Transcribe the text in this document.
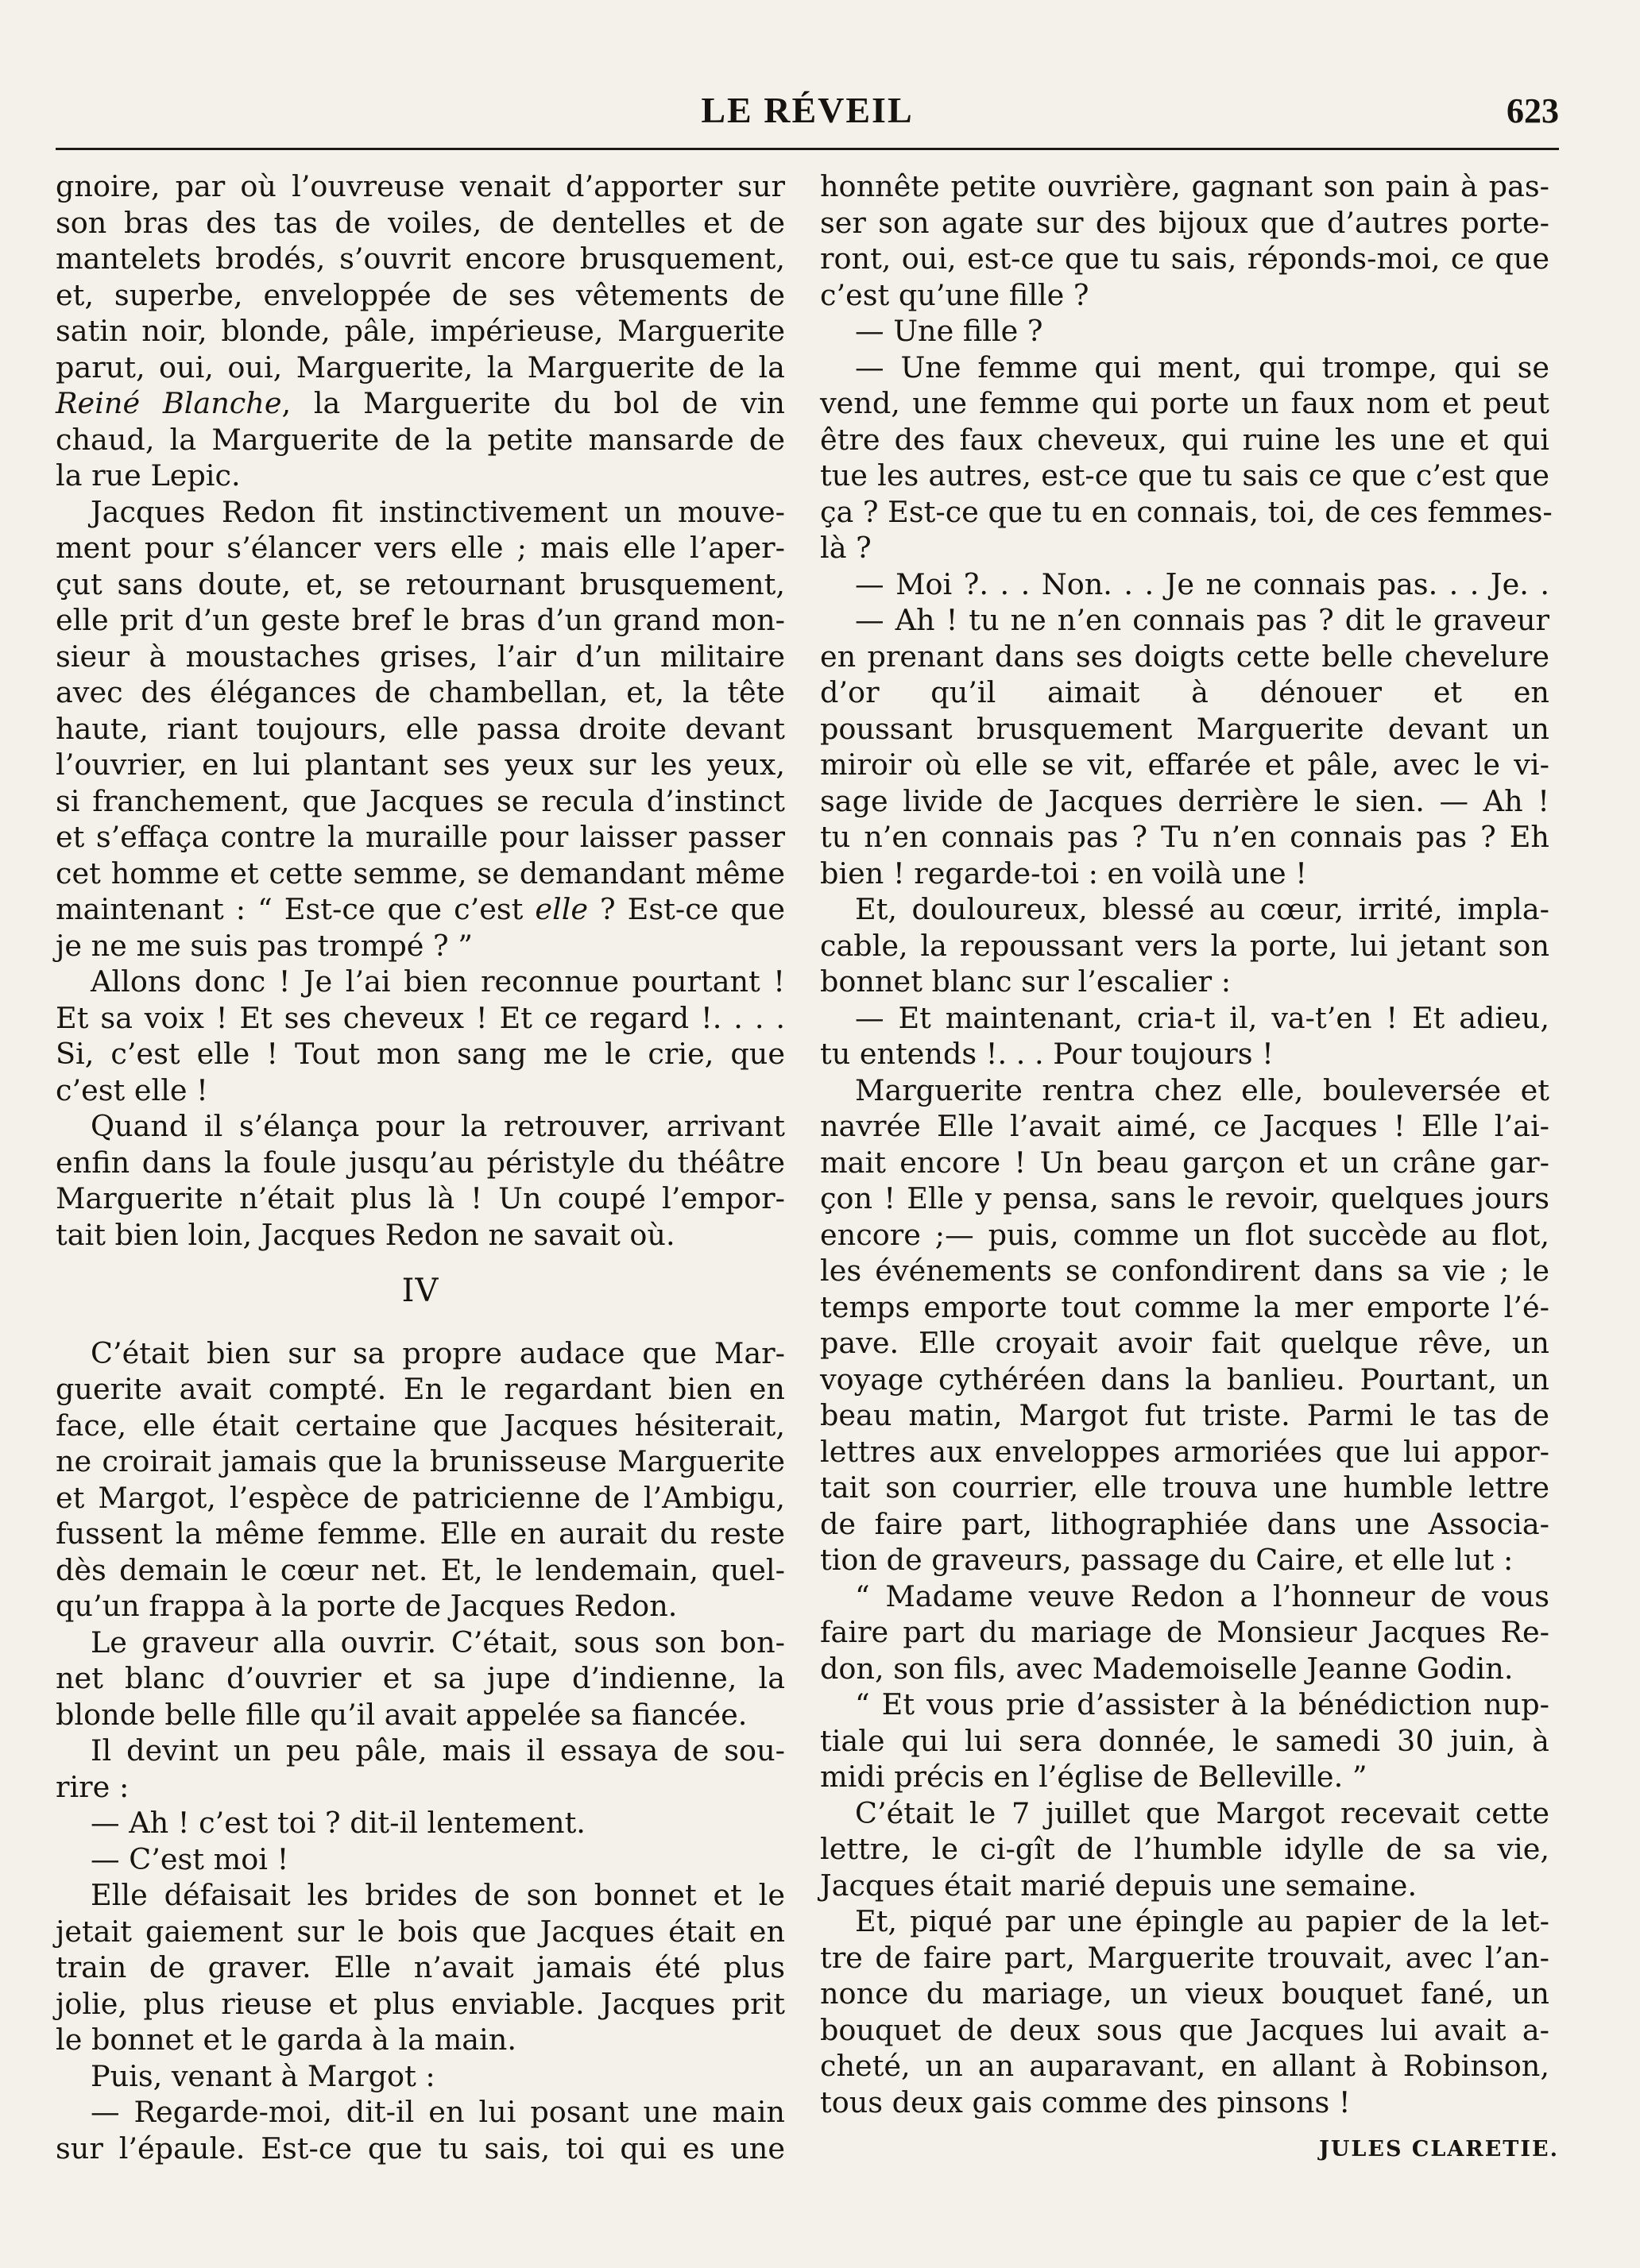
LE RÉVEIL	623
gnoire, par où l’ouvreuse venait d’apporter sur
son bras des tas de voiles, de dentelles et de
mantelets brodés, s’ouvrit encore brusquement,
et, superbe, enveloppée de ses vêtements de
satin noir, blonde, pâle, impérieuse, Marguerite
parut, oui, oui, Marguerite, la Marguerite de la
Reiné Blanche, la Marguerite du bol de vin
chaud, la Marguerite de la petite mansarde de
la rue Lepic.
Jacques Redon fit instinctivement un mouve-
ment pour s’élancer vers elle ; mais elle l’aper-
çut sans doute, et, se retournant brusquement,
elle prit d’un geste bref le bras d’un grand mon-
sieur à moustaches grises, l’air d’un militaire
avec des élégances de chambellan, et, la tête
haute, riant toujours, elle passa droite devant
l’ouvrier, en lui plantant ses yeux sur les yeux,
si franchement, que Jacques se recula d’instinct
et s’effaça contre la muraille pour laisser passer
cet homme et cette semme, se demandant même
maintenant : “ Est-ce que c’est elle ? Est-ce que
je ne me suis pas trompé ? ”
Allons donc ! Je l’ai bien reconnue pourtant !
Et sa voix ! Et ses cheveux ! Et ce regard !. . . .
Si, c’est elle ! Tout mon sang me le crie, que
c’est elle !
Quand il s’élança pour la retrouver, arrivant
enfin dans la foule jusqu’au péristyle du théâtre
Marguerite n’était plus là ! Un coupé l’empor-
tait bien loin, Jacques Redon ne savait où.
IV
C’était bien sur sa propre audace que Mar-
guerite avait compté. En le regardant bien en
face, elle était certaine que Jacques hésiterait,
ne croirait jamais que la brunisseuse Marguerite
et Margot, l’espèce de patricienne de l’Ambigu,
fussent la même femme. Elle en aurait du reste
dès demain le cœur net. Et, le lendemain, quel-
qu’un frappa à la porte de Jacques Redon.
Le graveur alla ouvrir. C’était, sous son bon-
net blanc d’ouvrier et sa jupe d’indienne, la
blonde belle fille qu’il avait appelée sa fiancée.
Il devint un peu pâle, mais il essaya de sou-
rire :
— Ah ! c’est toi ? dit-il lentement.
— C’est moi !
Elle défaisait les brides de son bonnet et le
jetait gaiement sur le bois que Jacques était en
train de graver. Elle n’avait jamais été plus
jolie, plus rieuse et plus enviable. Jacques prit
le bonnet et le garda à la main.
Puis, venant à Margot :
— Regarde-moi, dit-il en lui posant une main
sur l’épaule. Est-ce que tu sais, toi qui es une
honnête petite ouvrière, gagnant son pain à pas-
ser son agate sur des bijoux que d’autres porte-
ront, oui, est-ce que tu sais, réponds-moi, ce que
c’est qu’une fille ?
— Une fille ?
— Une femme qui ment, qui trompe, qui se
vend, une femme qui porte un faux nom et peut
être des faux cheveux, qui ruine les une et qui
tue les autres, est-ce que tu sais ce que c’est que
ça ? Est-ce que tu en connais, toi, de ces femmes-
là ?
— Moi ?. . . Non. . . Je ne connais pas. . . Je. .
— Ah ! tu ne n’en connais pas ? dit le graveur
en prenant dans ses doigts cette belle chevelure
d’or qu’il aimait à dénouer et en
poussant brusquement Marguerite devant un
miroir où elle se vit, effarée et pâle, avec le vi-
sage livide de Jacques derrière le sien. — Ah !
tu n’en connais pas ? Tu n’en connais pas ? Eh
bien ! regarde-toi : en voilà une !
Et, douloureux, blessé au cœur, irrité, impla-
cable, la repoussant vers la porte, lui jetant son
bonnet blanc sur l’escalier :
— Et maintenant, cria-t il, va-t’en ! Et adieu,
tu entends !. . . Pour toujours !
Marguerite rentra chez elle, bouleversée et
navrée Elle l’avait aimé, ce Jacques ! Elle l’ai-
mait encore ! Un beau garçon et un crâne gar-
çon ! Elle y pensa, sans le revoir, quelques jours
encore ;— puis, comme un flot succède au flot,
les événements se confondirent dans sa vie ; le
temps emporte tout comme la mer emporte l’é-
pave. Elle croyait avoir fait quelque rêve, un
voyage cythéréen dans la banlieu. Pourtant, un
beau matin, Margot fut triste. Parmi le tas de
lettres aux enveloppes armoriées que lui appor-
tait son courrier, elle trouva une humble lettre
de faire part, lithographiée dans une Associa-
tion de graveurs, passage du Caire, et elle lut :
“ Madame veuve Redon a l’honneur de vous
faire part du mariage de Monsieur Jacques Re-
don, son fils, avec Mademoiselle Jeanne Godin.
“ Et vous prie d’assister à la bénédiction nup-
tiale qui lui sera donnée, le samedi 30 juin, à
midi précis en l’église de Belleville. ”
C’était le 7 juillet que Margot recevait cette
lettre, le ci-gît de l’humble idylle de sa vie,
Jacques était marié depuis une semaine.
Et, piqué par une épingle au papier de la let-
tre de faire part, Marguerite trouvait, avec l’an-
nonce du mariage, un vieux bouquet fané, un
bouquet de deux sous que Jacques lui avait a-
cheté, un an auparavant, en allant à Robinson,
tous deux gais comme des pinsons !
JULES CLARETIE.
